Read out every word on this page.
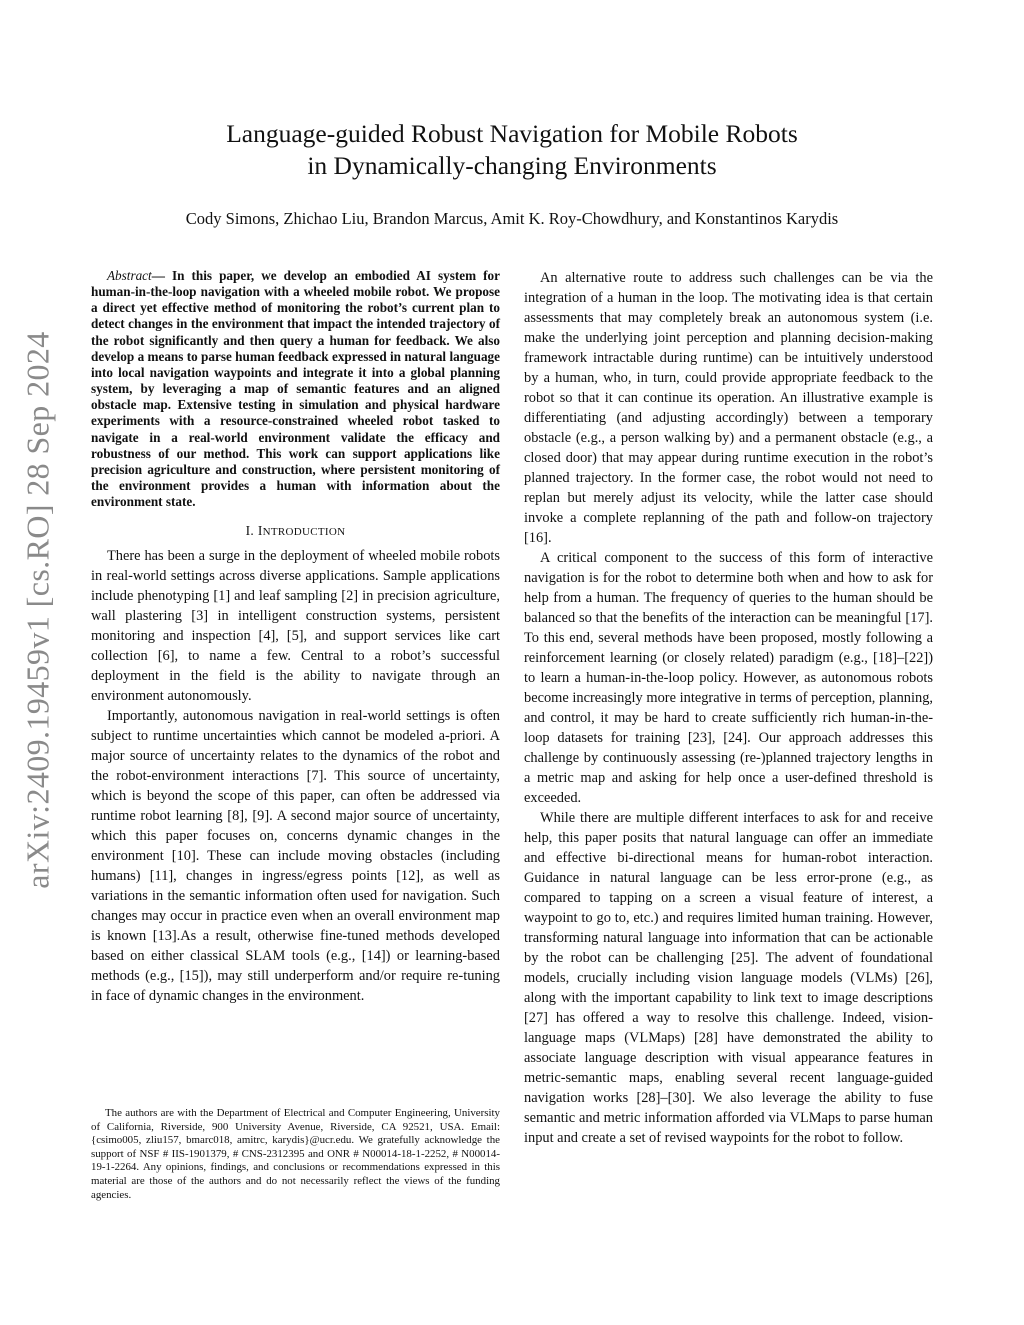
arXiv:2409.19459v1 [cs.RO] 28 Sep 2024
Language-guided Robust Navigation for Mobile Robots
in Dynamically-changing Environments
Cody Simons, Zhichao Liu, Brandon Marcus, Amit K. Roy-Chowdhury, and Konstantinos Karydis

Abstract— In this paper, we develop an embodied AI system for human-in-the-loop navigation with a wheeled mobile robot. We propose a direct yet effective method of monitoring the robot’s current plan to detect changes in the environment that impact the intended trajectory of the robot significantly and then query a human for feedback. We also develop a means to parse human feedback expressed in natural language into local navigation waypoints and integrate it into a global planning system, by leveraging a map of semantic features and an aligned obstacle map. Extensive testing in simulation and physical hardware experiments with a resource-constrained wheeled robot tasked to navigate in a real-world environment validate the efficacy and robustness of our method. This work can support applications like precision agriculture and construction, where persistent monitoring of the environment provides a human with information about the environment state.

I. INTRODUCTION

There has been a surge in the deployment of wheeled mobile robots in real-world settings across diverse applications. Sample applications include phenotyping [1] and leaf sampling [2] in precision agriculture, wall plastering [3] in intelligent construction systems, persistent monitoring and inspection [4], [5], and support services like cart collection [6], to name a few. Central to a robot’s successful deployment in the field is the ability to navigate through an environment autonomously.

Importantly, autonomous navigation in real-world settings is often subject to runtime uncertainties which cannot be modeled a-priori. A major source of uncertainty relates to the dynamics of the robot and the robot-environment interactions [7]. This source of uncertainty, which is beyond the scope of this paper, can often be addressed via runtime robot learning [8], [9]. A second major source of uncertainty, which this paper focuses on, concerns dynamic changes in the environment [10]. These can include moving obstacles (including humans) [11], changes in ingress/egress points [12], as well as variations in the semantic information often used for navigation. Such changes may occur in practice even when an overall environment map is known [13].As a result, otherwise fine-tuned methods developed based on either classical SLAM tools (e.g., [14]) or learning-based methods (e.g., [15]), may still underperform and/or require re-tuning in face of dynamic changes in the environment.

The authors are with the Department of Electrical and Computer Engineering, University of California, Riverside, 900 University Avenue, Riverside, CA 92521, USA. Email: {csimo005, zliu157, bmarc018, amitrc, karydis}@ucr.edu. We gratefully acknowledge the support of NSF # IIS-1901379, # CNS-2312395 and ONR # N00014-18-1-2252, # N00014-19-1-2264. Any opinions, findings, and conclusions or recommendations expressed in this material are those of the authors and do not necessarily reflect the views of the funding agencies.

An alternative route to address such challenges can be via the integration of a human in the loop. The motivating idea is that certain assessments that may completely break an autonomous system (i.e. make the underlying joint perception and planning decision-making framework intractable during runtime) can be intuitively understood by a human, who, in turn, could provide appropriate feedback to the robot so that it can continue its operation. An illustrative example is differentiating (and adjusting accordingly) between a temporary obstacle (e.g., a person walking by) and a permanent obstacle (e.g., a closed door) that may appear during runtime execution in the robot’s planned trajectory. In the former case, the robot would not need to replan but merely adjust its velocity, while the latter case should invoke a complete replanning of the path and follow-on trajectory [16].

A critical component to the success of this form of interactive navigation is for the robot to determine both when and how to ask for help from a human. The frequency of queries to the human should be balanced so that the benefits of the interaction can be meaningful [17]. To this end, several methods have been proposed, mostly following a reinforcement learning (or closely related) paradigm (e.g., [18]–[22]) to learn a human-in-the-loop policy. However, as autonomous robots become increasingly more integrative in terms of perception, planning, and control, it may be hard to create sufficiently rich human-in-the-loop datasets for training [23], [24]. Our approach addresses this challenge by continuously assessing (re-)planned trajectory lengths in a metric map and asking for help once a user-defined threshold is exceeded.

While there are multiple different interfaces to ask for and receive help, this paper posits that natural language can offer an immediate and effective bi-directional means for human-robot interaction. Guidance in natural language can be less error-prone (e.g., as compared to tapping on a screen a visual feature of interest, a waypoint to go to, etc.) and requires limited human training. However, transforming natural language into information that can be actionable by the robot can be challenging [25]. The advent of foundational models, crucially including vision language models (VLMs) [26], along with the important capability to link text to image descriptions [27] has offered a way to resolve this challenge. Indeed, vision-language maps (VLMaps) [28] have demonstrated the ability to associate language description with visual appearance features in metric-semantic maps, enabling several recent language-guided navigation works [28]–[30]. We also leverage the ability to fuse semantic and metric information afforded via VLMaps to parse human input and create a set of revised waypoints for the robot to follow.
